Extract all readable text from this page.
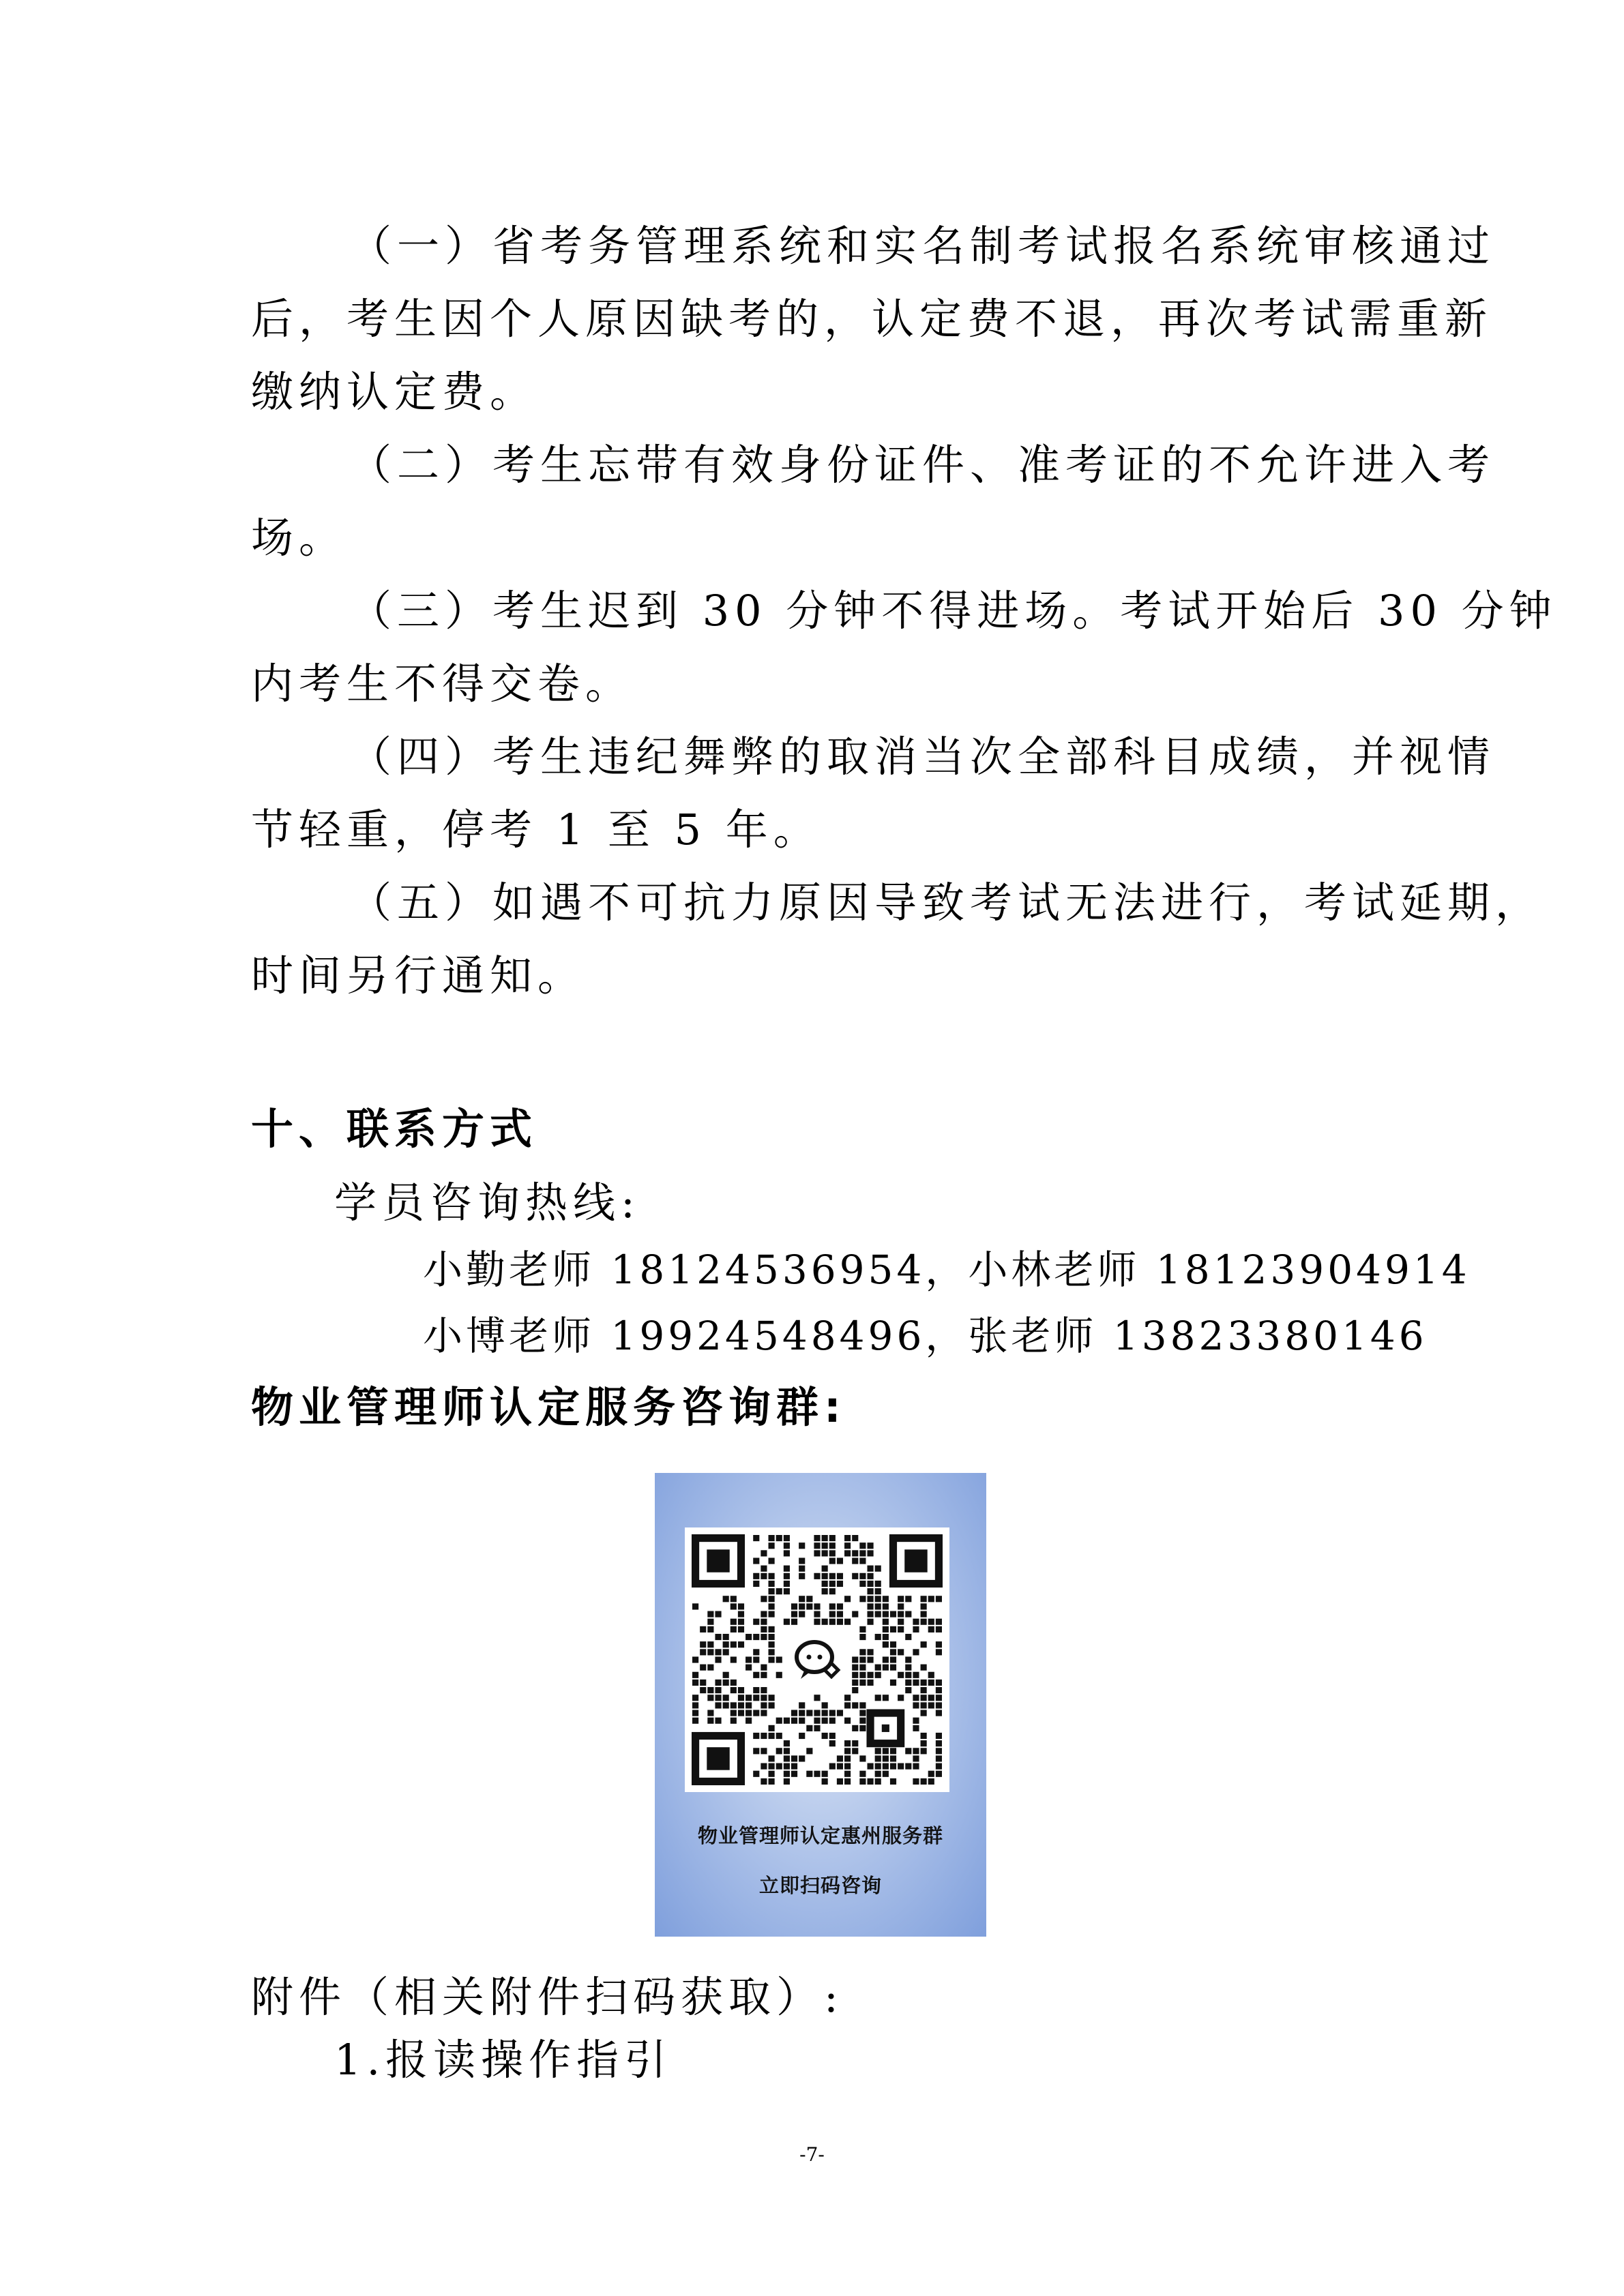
（一）省考务管理系统和实名制考试报名系统审核通过
后，考生因个人原因缺考的，认定费不退，再次考试需重新
缴纳认定费。
（二）考生忘带有效身份证件、准考证的不允许进入考
场。
（三）考生迟到 30 分钟不得进场。考试开始后 30 分钟
内考生不得交卷。
（四）考生违纪舞弊的取消当次全部科目成绩，并视情
节轻重，停考 1 至 5 年。
（五）如遇不可抗力原因导致考试无法进行，考试延期，
时间另行通知。
十、联系方式
学员咨询热线:
小勤老师 18124536954，小林老师 18123904914
小博老师 19924548496，张老师 13823380146
物业管理师认定服务咨询群:
物业管理师认定惠州服务群
立即扫码咨询
附件（相关附件扫码获取）:
1.报读操作指引
-7-
